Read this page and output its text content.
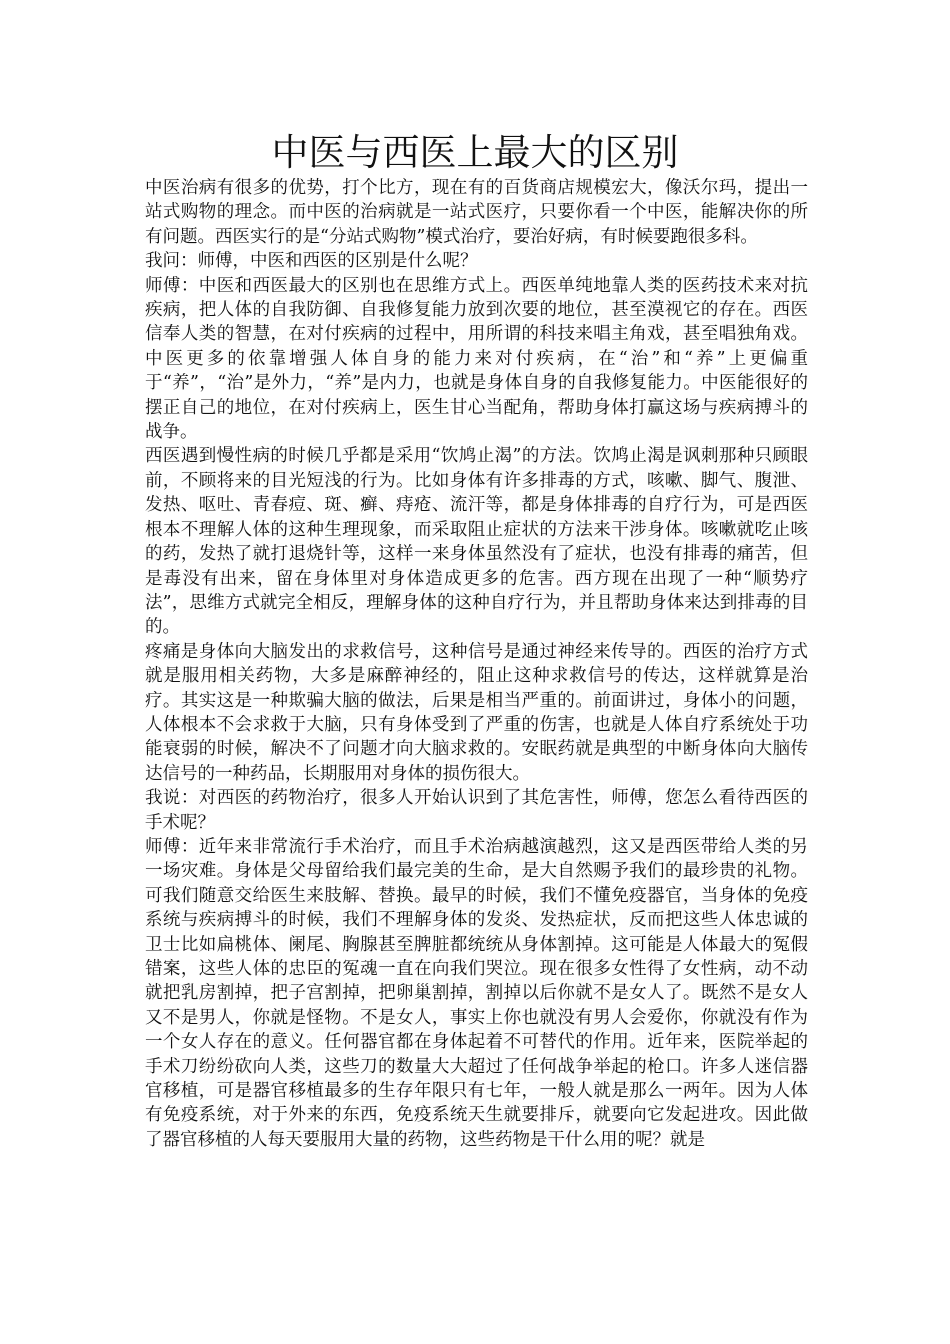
中医与西医上最大的区别

中医治病有很多的优势，打个比方，现在有的百货商店规模宏大，像沃尔玛，提出一站式购物的理念。而中医的治病就是一站式医疗，只要你看一个中医，能解决你的所有问题。西医实行的是“分站式购物”模式治疗，要治好病，有时候要跑很多科。

我问：师傅，中医和西医的区别是什么呢？

师傅：中医和西医最大的区别也在思维方式上。西医单纯地靠人类的医药技术来对抗疾病，把人体的自我防御、自我修复能力放到次要的地位，甚至漠视它的存在。西医信奉人类的智慧，在对付疾病的过程中，用所谓的科技来唱主角戏，甚至唱独角戏。中医更多的依靠增强人体自身的能力来对付疾病，在“治”和“养”上更偏重于“养”，“治”是外力，“养”是内力，也就是身体自身的自我修复能力。中医能很好的摆正自己的地位，在对付疾病上，医生甘心当配角，帮助身体打赢这场与疾病搏斗的战争。

西医遇到慢性病的时候几乎都是采用“饮鸠止渴”的方法。饮鸠止渴是讽刺那种只顾眼前，不顾将来的目光短浅的行为。比如身体有许多排毒的方式，咳嗽、脚气、腹泄、发热、呕吐、青春痘、斑、癣、痔疮、流汗等，都是身体排毒的自疗行为，可是西医根本不理解人体的这种生理现象，而采取阻止症状的方法来干涉身体。咳嗽就吃止咳的药，发热了就打退烧针等，这样一来身体虽然没有了症状，也没有排毒的痛苦，但是毒没有出来，留在身体里对身体造成更多的危害。西方现在出现了一种“顺势疗法”，思维方式就完全相反，理解身体的这种自疗行为，并且帮助身体来达到排毒的目的。

疼痛是身体向大脑发出的求救信号，这种信号是通过神经来传导的。西医的治疗方式就是服用相关药物，大多是麻醉神经的，阻止这种求救信号的传达，这样就算是治疗。其实这是一种欺骗大脑的做法，后果是相当严重的。前面讲过，身体小的问题，人体根本不会求救于大脑，只有身体受到了严重的伤害，也就是人体自疗系统处于功能衰弱的时候，解决不了问题才向大脑求救的。安眠药就是典型的中断身体向大脑传达信号的一种药品，长期服用对身体的损伤很大。

我说：对西医的药物治疗，很多人开始认识到了其危害性，师傅，您怎么看待西医的手术呢？

师傅：近年来非常流行手术治疗，而且手术治病越演越烈，这又是西医带给人类的另一场灾难。身体是父母留给我们最完美的生命，是大自然赐予我们的最珍贵的礼物。可我们随意交给医生来肢解、替换。最早的时候，我们不懂免疫器官，当身体的免疫系统与疾病搏斗的时候，我们不理解身体的发炎、发热症状，反而把这些人体忠诚的卫士比如扁桃体、阑尾、胸腺甚至脾脏都统统从身体割掉。这可能是人体最大的冤假错案，这些人体的忠臣的冤魂一直在向我们哭泣。现在很多女性得了女性病，动不动就把乳房割掉，把子宫割掉，把卵巢割掉，割掉以后你就不是女人了。既然不是女人又不是男人，你就是怪物。不是女人，事实上你也就没有男人会爱你，你就没有作为一个女人存在的意义。任何器官都在身体起着不可替代的作用。近年来，医院举起的手术刀纷纷砍向人类，这些刀的数量大大超过了任何战争举起的枪口。许多人迷信器官移植，可是器官移植最多的生存年限只有七年，一般人就是那么一两年。因为人体有免疫系统，对于外来的东西，免疫系统天生就要排斥，就要向它发起进攻。因此做了器官移植的人每天要服用大量的药物，这些药物是干什么用的呢？就是
